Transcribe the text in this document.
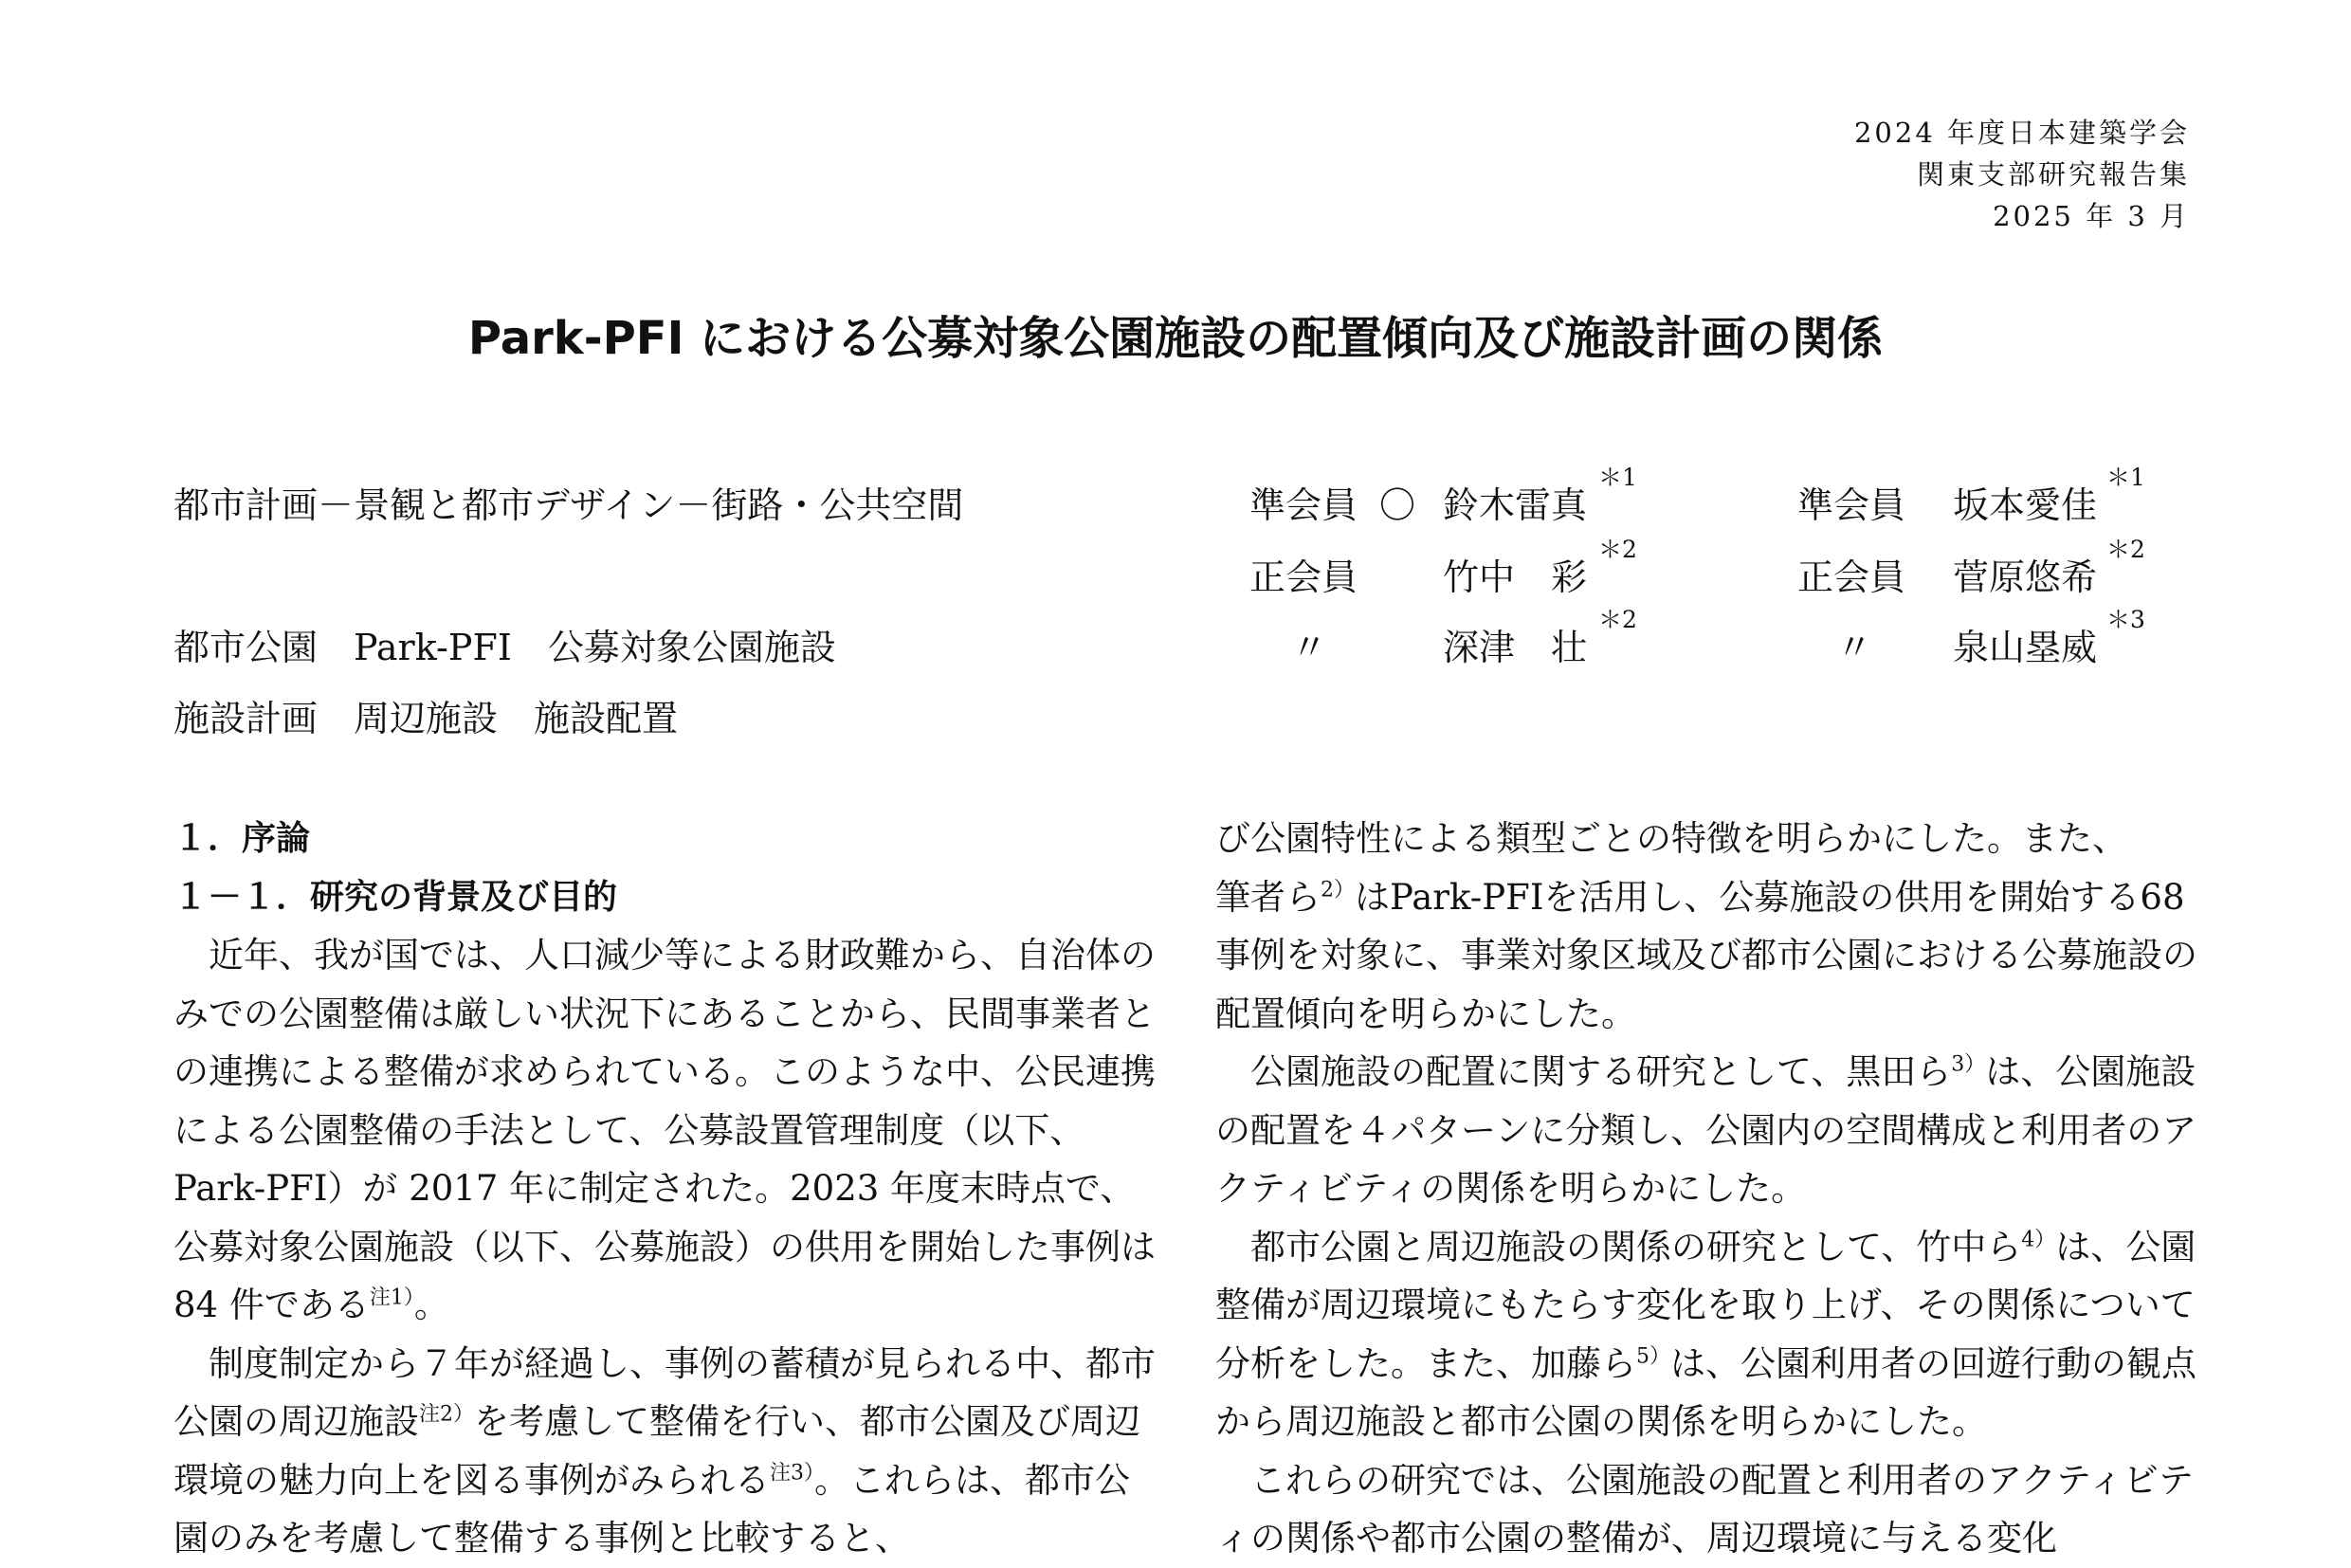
2024 年度日本建築学会
関東支部研究報告集
2025 年 3 月
Park-PFI における公募対象公園施設の配置傾向及び施設計画の関係
都市計画－景観と都市デザイン－街路・公共空間
都市公園 Park-PFI 公募対象公園施設
施設計画 周辺施設 施設配置
準会員 〇 鈴木雷真
＊1
準会員 坂本愛佳
＊1
正会員 竹中　彩
＊2
正会員 菅原悠希
＊2
〃	深津　壮
＊2
〃 泉山塁威
＊3

１．序論

１－１．研究の背景及び目的

近年、我が国では、人口減少等による財政難から、自治体のみでの公園整備は厳しい状況下にあることから、民間事業者との連携による整備が求められている。このような中、公民連携による公園整備の手法として、公募設置管理制度（以下、Park-PFI）が 2017 年に制定された。2023 年度末時点で、公募対象公園施設（以下、公募施設）の供用を開始した事例は 84 件である$^{注1)}$。

制度制定から７年が経過し、事例の蓄積が見られる中、都市公園の周辺施設$^{注2)}$を考慮して整備を行い、都市公園及び周辺環境の魅力向上を図る事例がみられる$^{注3)}$。これらは、都市公園のみを考慮して整備する事例と比較すると、

び公園特性による類型ごとの特徴を明らかにした。また、

筆者ら$^{2)}$はPark-PFIを活用し、公募施設の供用を開始する68事例を対象に、事業対象区域及び都市公園における公募施設の配置傾向を明らかにした。

公園施設の配置に関する研究として、黒田ら$^{3)}$は、公園施設の配置を４パターンに分類し、公園内の空間構成と利用者のアクティビティの関係を明らかにした。

都市公園と周辺施設の関係の研究として、竹中ら$^{4)}$は、公園整備が周辺環境にもたらす変化を取り上げ、その関係について分析をした。また、加藤ら$^{5)}$は、公園利用者の回遊行動の観点から周辺施設と都市公園の関係を明らかにした。

これらの研究では、公園施設の配置と利用者のアクティビティの関係や都市公園の整備が、周辺環境に与える変化
